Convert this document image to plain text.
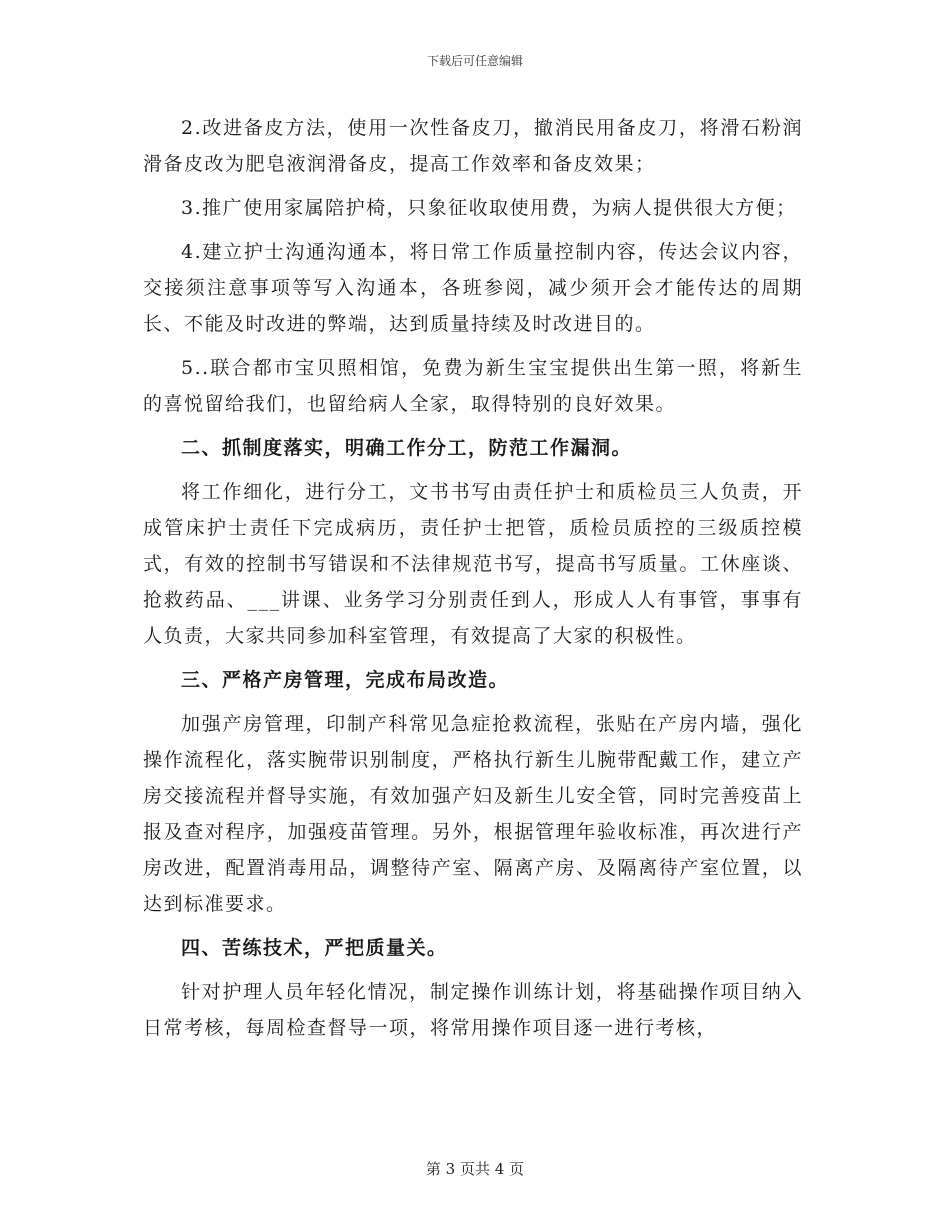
下载后可任意编辑

2.改进备皮方法，使用一次性备皮刀，撤消民用备皮刀，将滑石粉润滑备皮改为肥皂液润滑备皮，提高工作效率和备皮效果；

3.推广使用家属陪护椅，只象征收取使用费，为病人提供很大方便；

4.建立护士沟通沟通本，将日常工作质量控制内容，传达会议内容，交接须注意事项等写入沟通本，各班参阅，减少须开会才能传达的周期长、不能及时改进的弊端，达到质量持续及时改进目的。

5..联合都市宝贝照相馆，免费为新生宝宝提供出生第一照，将新生的喜悦留给我们，也留给病人全家，取得特别的良好效果。

二、抓制度落实，明确工作分工，防范工作漏洞。

将工作细化，进行分工，文书书写由责任护士和质检员三人负责，开成管床护士责任下完成病历，责任护士把管，质检员质控的三级质控模式，有效的控制书写错误和不法律规范书写，提高书写质量。工休座谈、抢救药品、___讲课、业务学习分别责任到人，形成人人有事管，事事有人负责，大家共同参加科室管理，有效提高了大家的积极性。

三、严格产房管理，完成布局改造。

加强产房管理，印制产科常见急症抢救流程，张贴在产房内墙，强化操作流程化，落实腕带识别制度，严格执行新生儿腕带配戴工作，建立产房交接流程并督导实施，有效加强产妇及新生儿安全管，同时完善疫苗上报及查对程序，加强疫苗管理。另外，根据管理年验收标准，再次进行产房改进，配置消毒用品，调整待产室、隔离产房、及隔离待产室位置，以达到标准要求。

四、苦练技术，严把质量关。

针对护理人员年轻化情况，制定操作训练计划，将基础操作项目纳入日常考核，每周检查督导一项，将常用操作项目逐一进行考核，

第 3 页共 4 页
